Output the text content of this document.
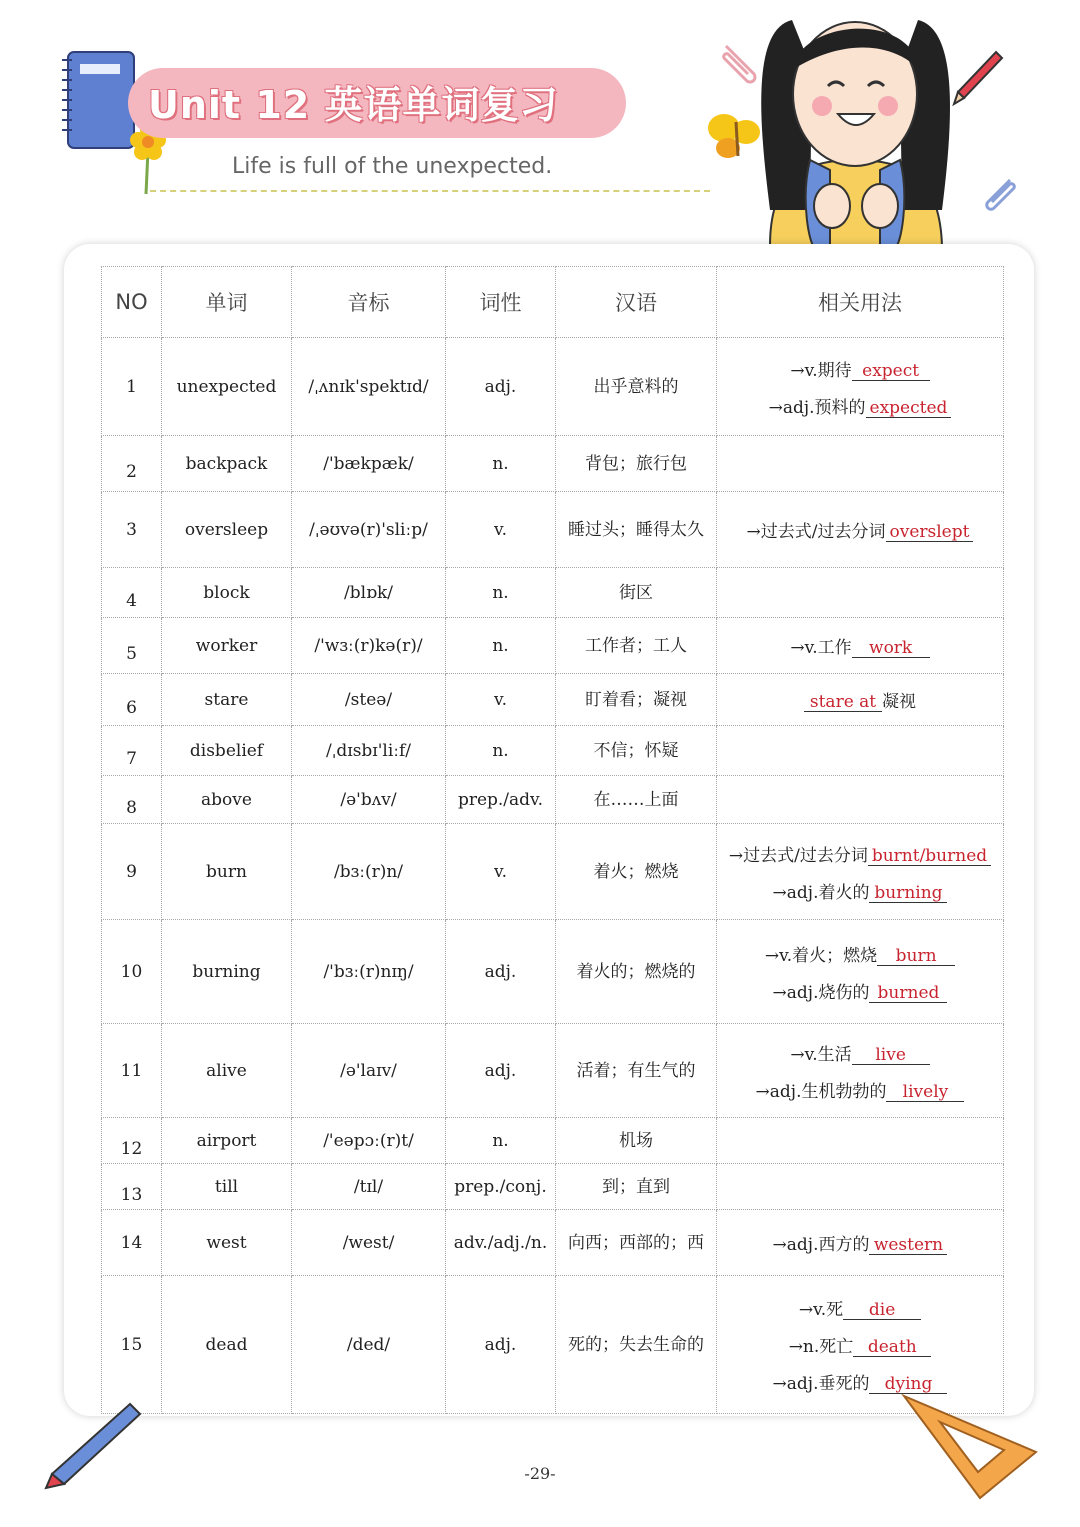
Unit 12 英语单词复习
Life is full of the unexpected.
NO	单词	音标	词性	汉语	相关用法
1	unexpected	/ˌʌnɪk'spektɪd/	adj.	出乎意料的	→v.期待 expect
→adj.预料的 expected

2	backpack	/'bækpæk/	n.	背包；旅行包	
3	oversleep	/ˌəʊvə(r)'sliːp/	v.	睡过头；睡得太久	→过去式/过去分词 overslept

4	block	/blɒk/	n.	街区	
5	worker	/'wɜː(r)kə(r)/	n.	工作者；工人	→v.工作 work

6	stare	/steə/	v.	盯着看；凝视	stare at 凝视

7	disbelief	/ˌdɪsbɪ'liːf/	n.	不信；怀疑	
8	above	/ə'bʌv/	prep./adv.	在……上面	
9	burn	/bɜː(r)n/	v.	着火；燃烧	→过去式/过去分词 burnt/burned
→adj.着火的 burning

10	burning	/'bɜː(r)nɪŋ/	adj.	着火的；燃烧的	→v.着火；燃烧 burn
→adj.烧伤的 burned

11	alive	/ə'laɪv/	adj.	活着；有生气的	→v.生活 live
→adj.生机勃勃的 lively

12	airport	/'eəpɔː(r)t/	n.	机场	
13	till	/tɪl/	prep./conj.	到；直到	
14	west	/west/	adv./adj./n.	向西；西部的；西	→adj.西方的 western

15	dead	/ded/	adj.	死的；失去生命的	→v.死 die
→n.死亡 death
→adj.垂死的 dying
-29-
